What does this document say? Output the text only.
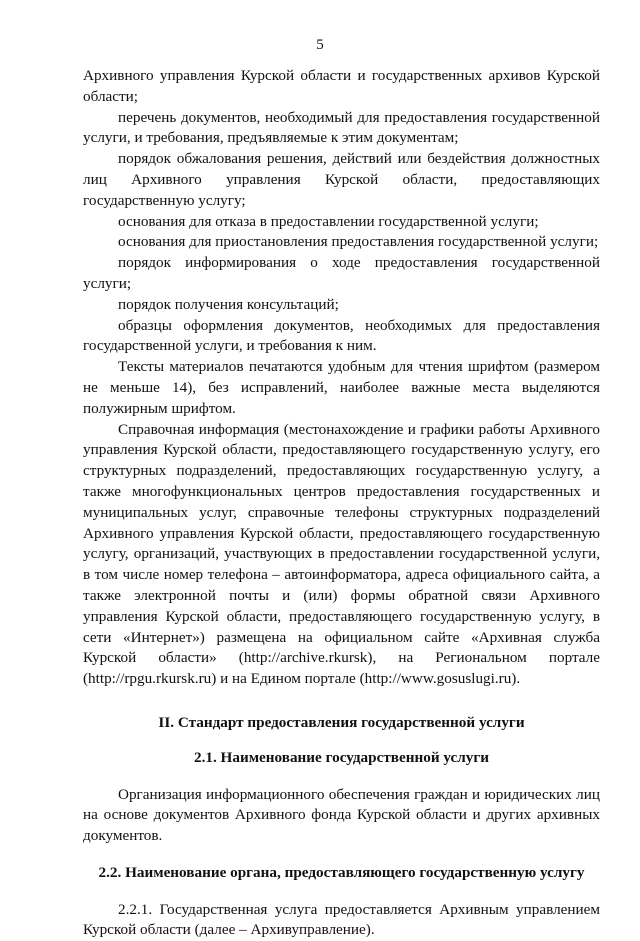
5

Архивного управления Курской области и государственных архивов Курской области;

перечень документов, необходимый для предоставления государственной услуги, и требования, предъявляемые к этим документам;

порядок обжалования решения, действий или бездействия должностных лиц Архивного управления Курской области, предоставляющих государственную услугу;

основания для отказа в предоставлении государственной услуги;

основания для приостановления предоставления государственной услуги;

порядок информирования о ходе предоставления государственной услуги;

порядок получения консультаций;

образцы оформления документов, необходимых для предоставления государственной услуги, и требования к ним.

Тексты материалов печатаются удобным для чтения шрифтом (размером не меньше 14), без исправлений, наиболее важные места выделяются полужирным шрифтом.

Справочная информация (местонахождение и графики работы Архивного управления Курской области, предоставляющего государственную услугу, его структурных подразделений, предоставляющих государственную услугу, а также многофункциональных центров предоставления государственных и муниципальных услуг, справочные телефоны структурных подразделений Архивного управления Курской области, предоставляющего государственную услугу, организаций, участвующих в предоставлении государственной услуги, в том числе номер телефона – автоинформатора, адреса официального сайта, а также электронной почты и (или) формы обратной связи Архивного управления Курской области, предоставляющего государственную услугу, в сети «Интернет») размещена на официальном сайте «Архивная служба Курской области» (http://archive.rkursk), на Региональном портале (http://rpgu.rkursk.ru) и на Едином портале (http://www.gosuslugi.ru).

II. Стандарт предоставления государственной услуги

2.1. Наименование государственной услуги

Организация информационного обеспечения граждан и юридических лиц на основе документов Архивного фонда Курской области и других архивных документов.

2.2. Наименование органа, предоставляющего государственную услугу

2.2.1. Государственная услуга предоставляется Архивным управлением Курской области (далее – Архивуправление).
